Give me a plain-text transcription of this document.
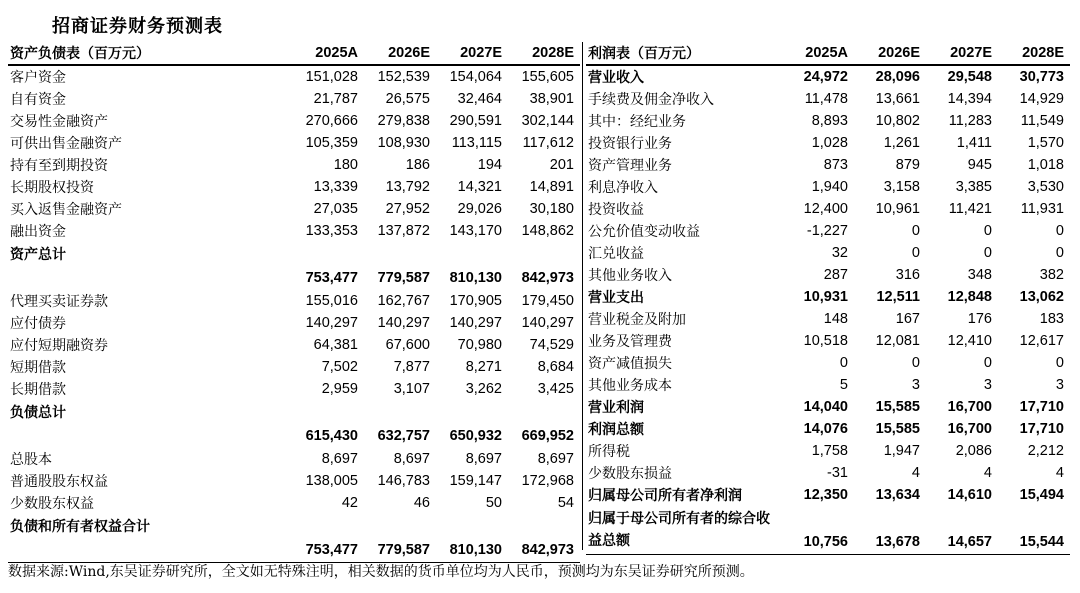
招商证券财务预测表
资产负债表（百万元）	2025A	2026E	2027E	2028E
客户资金	151,028	152,539	154,064	155,605
自有资金	21,787	26,575	32,464	38,901
交易性金融资产	270,666	279,838	290,591	302,144
可供出售金融资产	105,359	108,930	113,115	117,612
持有至到期投资	180	186	194	201
长期股权投资	13,339	13,792	14,321	14,891
买入返售金融资产	27,035	27,952	29,026	30,180
融出资金	133,353	137,872	143,170	148,862
资产总计	753,477	779,587	810,130	842,973
代理买卖证券款	155,016	162,767	170,905	179,450
应付债券	140,297	140,297	140,297	140,297
应付短期融资券	64,381	67,600	70,980	74,529
短期借款	7,502	7,877	8,271	8,684
长期借款	2,959	3,107	3,262	3,425
负债总计	615,430	632,757	650,932	669,952
总股本	8,697	8,697	8,697	8,697
普通股股东权益	138,005	146,783	159,147	172,968
少数股东权益	42	46	50	54
负债和所有者权益合计	753,477	779,587	810,130	842,973
利润表（百万元）	2025A	2026E	2027E	2028E
营业收入	24,972	28,096	29,548	30,773
手续费及佣金净收入	11,478	13,661	14,394	14,929
其中：经纪业务	8,893	10,802	11,283	11,549
投资银行业务	1,028	1,261	1,411	1,570
资产管理业务	873	879	945	1,018
利息净收入	1,940	3,158	3,385	3,530
投资收益	12,400	10,961	11,421	11,931
公允价值变动收益	-1,227	0	0	0
汇兑收益	32	0	0	0
其他业务收入	287	316	348	382
营业支出	10,931	12,511	12,848	13,062
营业税金及附加	148	167	176	183
业务及管理费	10,518	12,081	12,410	12,617
资产减值损失	0	0	0	0
其他业务成本	5	3	3	3
营业利润	14,040	15,585	16,700	17,710
利润总额	14,076	15,585	16,700	17,710
所得税	1,758	1,947	2,086	2,212
少数股东损益	-31	4	4	4
归属母公司所有者净利润	12,350	13,634	14,610	15,494
归属于母公司所有者的综合收益总额	10,756	13,678	14,657	15,544
数据来源:Wind,东吴证券研究所，全文如无特殊注明，相关数据的货币单位均为人民币，预测均为东吴证券研究所预测。
